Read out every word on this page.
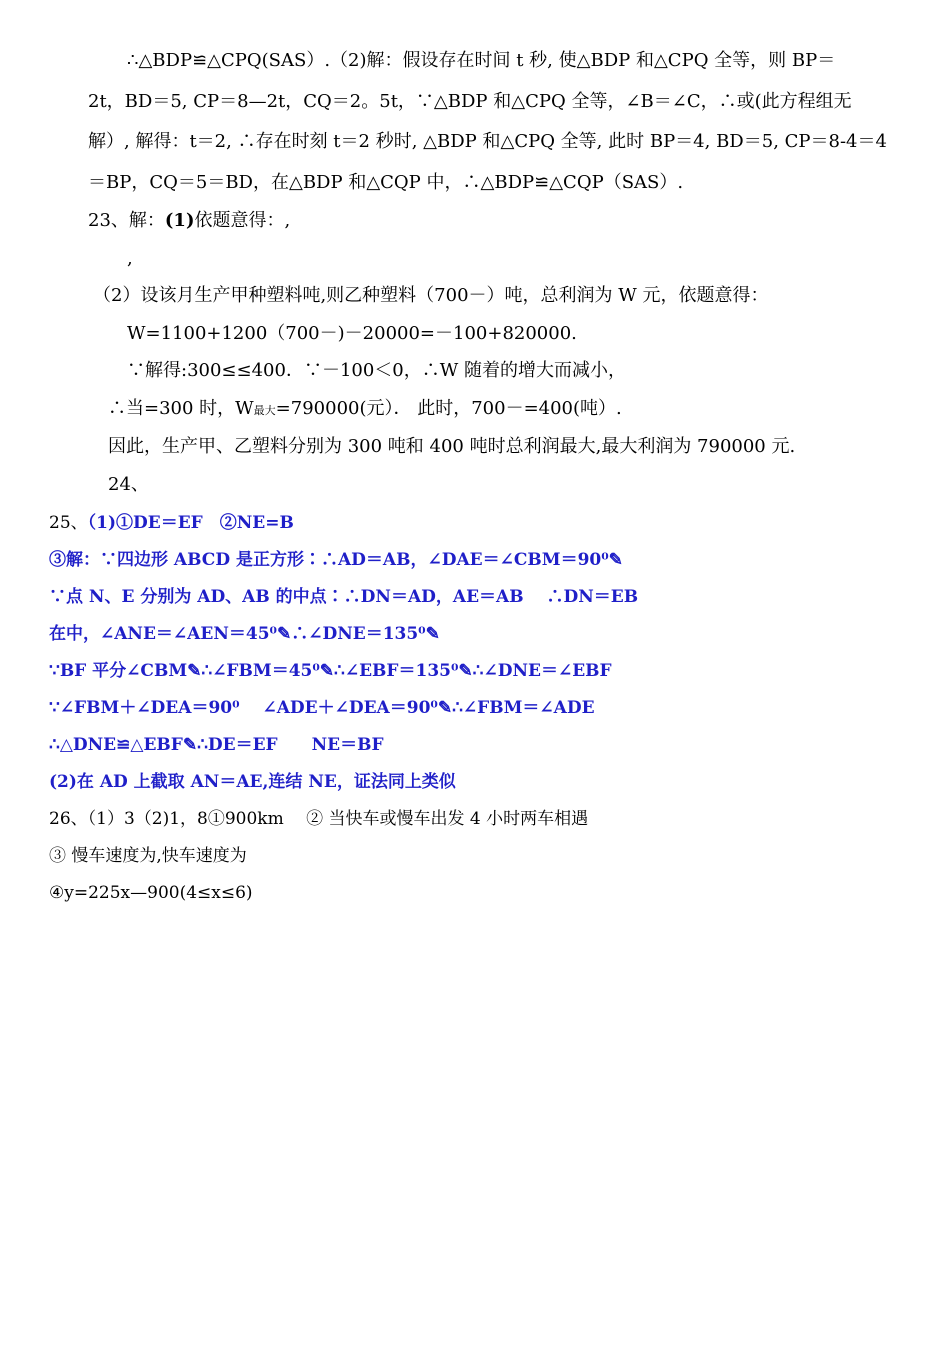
∴△BDP≌△CPQ(SAS）.（2)解：假设存在时间 t 秒, 使△BDP 和△CPQ 全等，则 BP＝
2t，BD＝5, CP＝8—2t，CQ＝2。5t，∵△BDP 和△CPQ 全等，∠B＝∠C，∴或(此方程组无
解）, 解得：t＝2, ∴存在时刻 t＝2 秒时, △BDP 和△CPQ 全等, 此时 BP＝4, BD＝5, CP＝8-4＝4
＝BP，CQ＝5＝BD，在△BDP 和△CQP 中，∴△BDP≌△CQP（SAS）.
23、解：(1)依题意得：,
,
（2）设该月生产甲种塑料吨,则乙种塑料（700－）吨，总利润为 W 元，依题意得：
W=1100+1200（700－)－20000=－100+820000.
∵解得:300≤≤400．∵－100＜0，∴W 随着的增大而减小，
∴当=300 时，W最大=790000(元）． 此时，700－=400(吨）.
因此，生产甲、乙塑料分别为 300 吨和 400 吨时总利润最大,最大利润为 790000 元.
24、
25、（1)①DE＝EF　②NE=B
③解：∵四边形 ABCD 是正方形∶∴AD＝AB，∠DAE＝∠CBM＝90⁰✎
∵点 N、E 分别为 AD、AB 的中点∶∴DN＝AD，AE＝AB　 ∴DN＝EB
在中，∠ANE＝∠AEN＝45⁰✎∴∠DNE＝135⁰✎
∵BF 平分∠CBM✎∴∠FBM＝45⁰✎∴∠EBF＝135⁰✎∴∠DNE＝∠EBF
∵∠FBM＋∠DEA＝90⁰　 ∠ADE＋∠DEA＝90⁰✎∴∠FBM＝∠ADE
∴△DNE≌△EBF✎∴DE＝EF　　NE＝BF
(2)在 AD 上截取 AN＝AE,连结 NE，证法同上类似
26、（1）3（2)1，8①900km　 ② 当快车或慢车出发 4 小时两车相遇
③ 慢车速度为,快车速度为
④y=225x—900(4≤x≤6)
